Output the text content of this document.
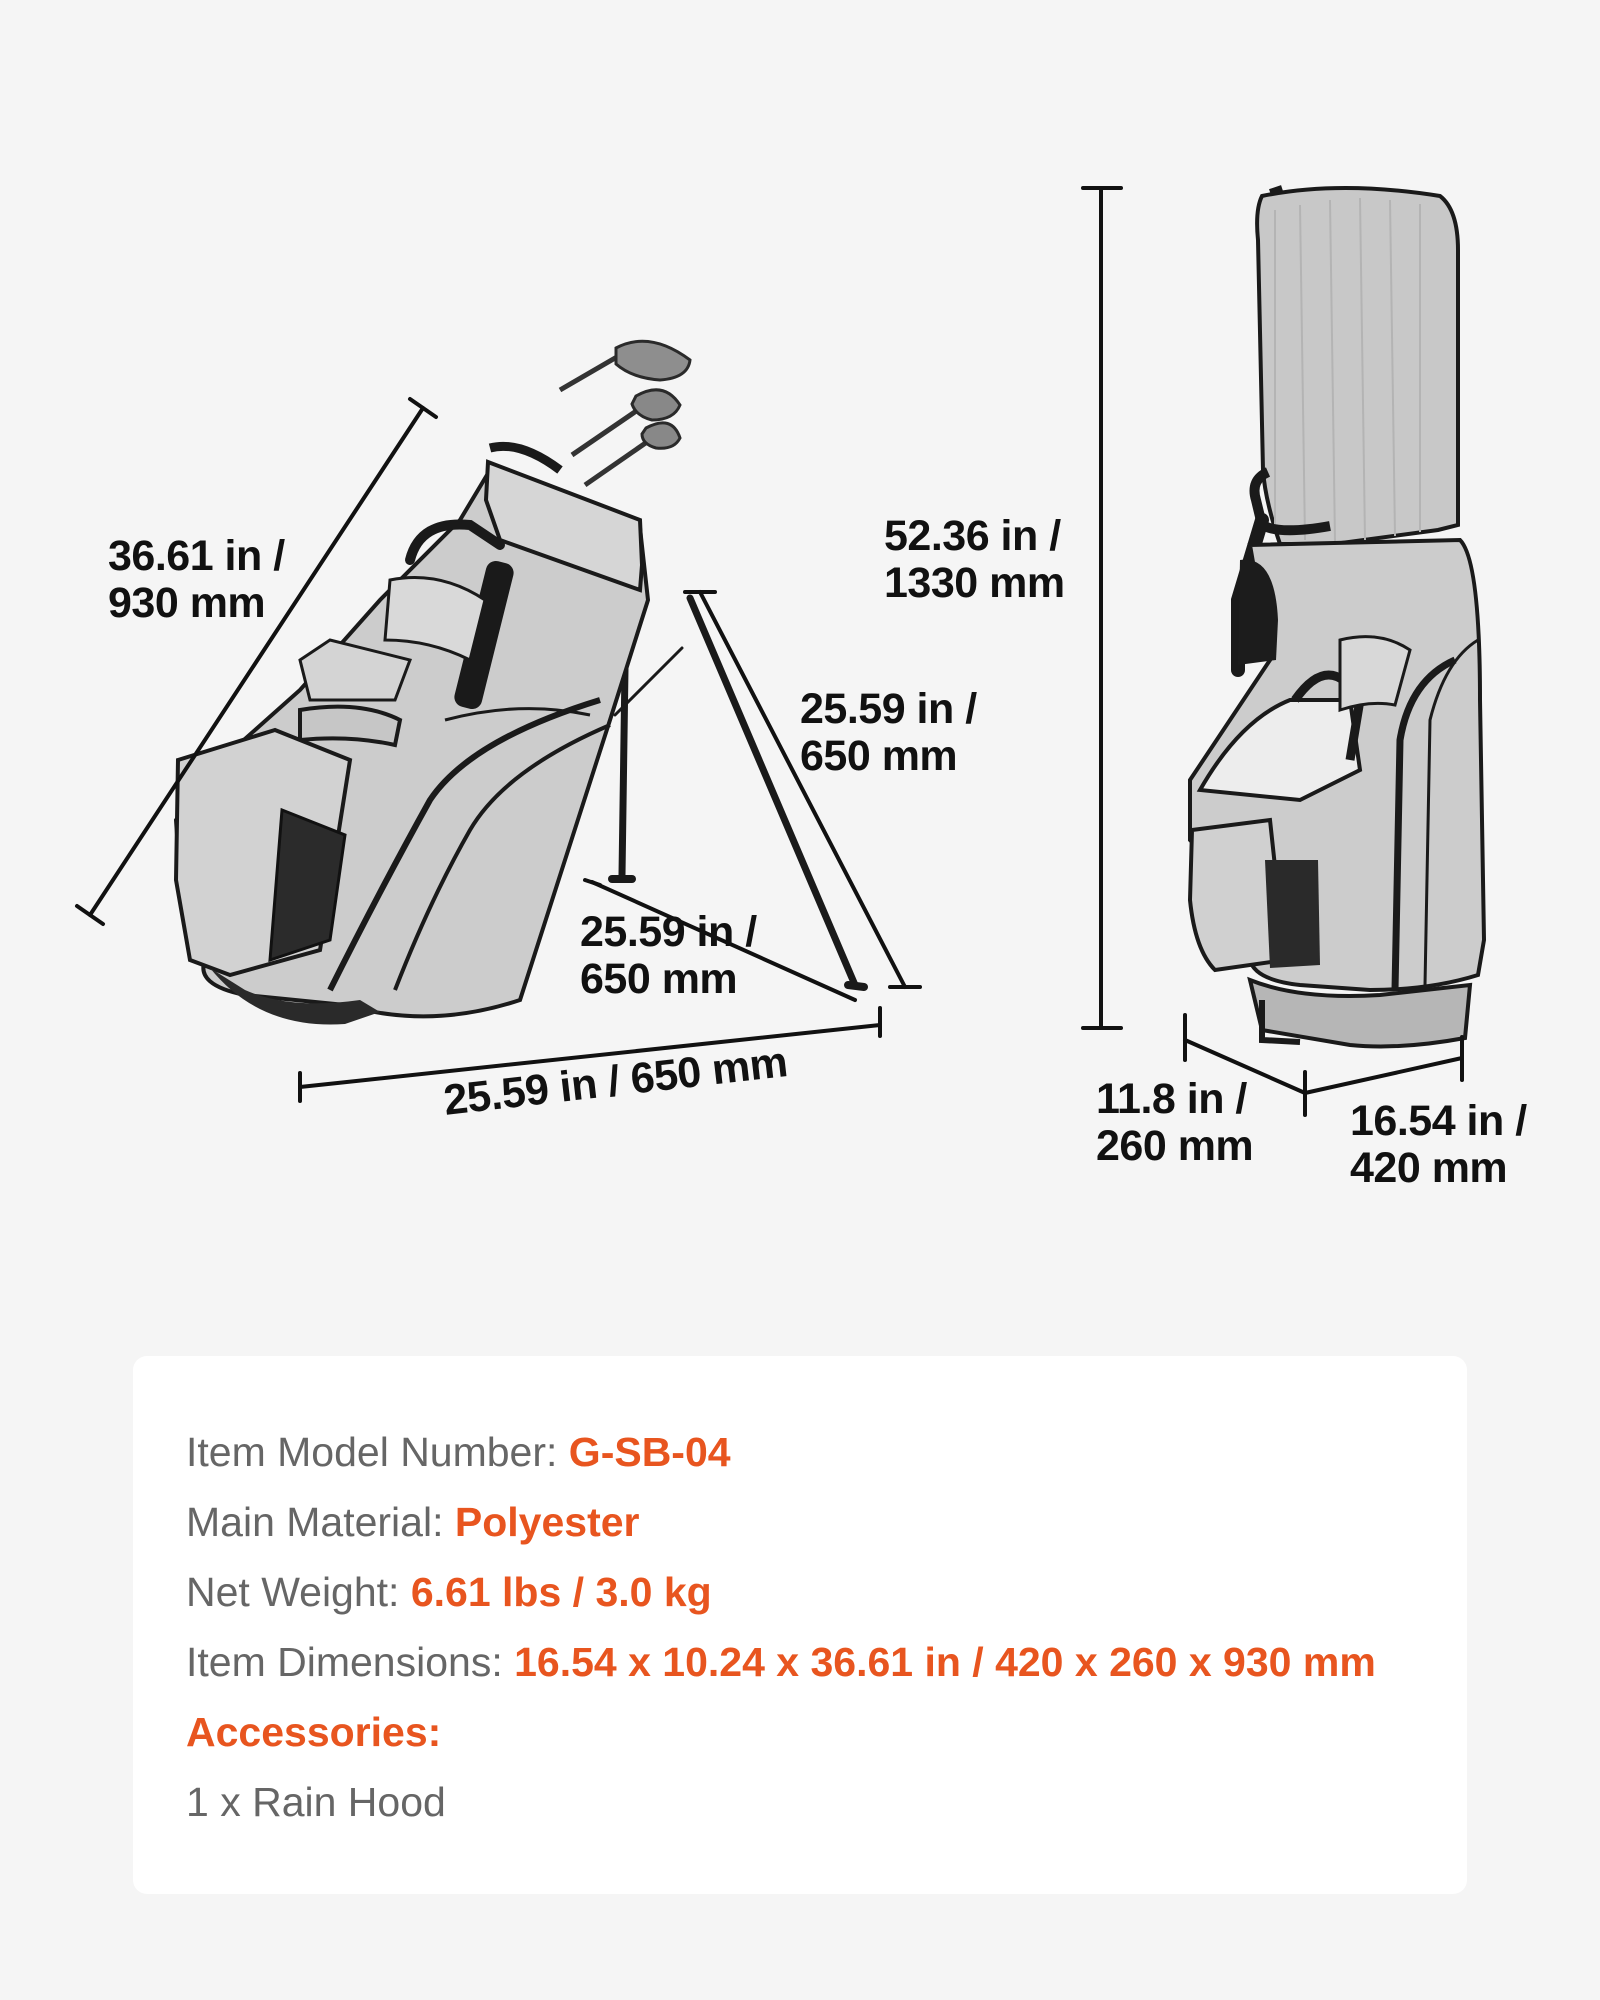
36.61 in /
930 mm
25.59 in /
650 mm
25.59 in /
650 mm
25.59 in / 650 mm
52.36 in /
1330 mm
11.8 in /
260 mm
16.54 in /
420 mm
Item Model Number: G-SB-04
Main Material: Polyester
Net Weight: 6.61 lbs / 3.0 kg
Item Dimensions: 16.54 x 10.24 x 36.61 in / 420 x 260 x 930 mm
Accessories:
1 x Rain Hood
